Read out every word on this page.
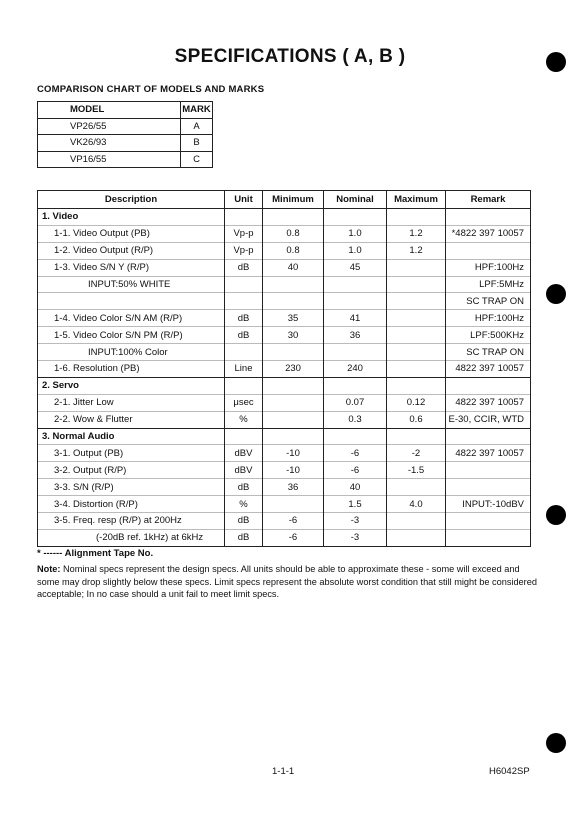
SPECIFICATIONS ( A, B )
COMPARISON CHART OF MODELS AND MARKS
MODEL	MARK
VP26/55	A
VK26/93	B
VP16/55	C
Description	Unit	Minimum	Nominal	Maximum	Remark
1. Video					
1-1. Video Output (PB)	Vp-p	0.8	1.0	1.2	*4822 397 10057
1-2. Video Output (R/P)	Vp-p	0.8	1.0	1.2	
1-3. Video S/N Y (R/P)	dB	40	45		HPF:100Hz
INPUT:50% WHITE					LPF:5MHz
					SC TRAP ON
1-4. Video Color S/N AM (R/P)	dB	35	41		HPF:100Hz
1-5. Video Color S/N PM (R/P)	dB	30	36		LPF:500KHz
INPUT:100% Color					SC TRAP ON
1-6. Resolution (PB)	Line	230	240		4822 397 10057
2. Servo					
2-1. Jitter Low	μsec		0.07	0.12	4822 397 10057
2-2. Wow & Flutter	%		0.3	0.6	E-30, CCIR, WTD
3. Normal Audio					
3-1. Output (PB)	dBV	-10	-6	-2	4822 397 10057
3-2. Output (R/P)	dBV	-10	-6	-1.5	
3-3. S/N (R/P)	dB	36	40		
3-4. Distortion (R/P)	%		1.5	4.0	INPUT:-10dBV
3-5. Freq. resp (R/P) at 200Hz	dB	-6	-3		
(-20dB ref. 1kHz) at 6kHz	dB	-6	-3		
* ------ Alignment Tape No.
Note: Nominal specs represent the design specs. All units should be able to approximate these - some will exceed and some may drop slightly below these specs. Limit specs represent the absolute worst condition that still might be considered acceptable; In no case should a unit fail to meet limit specs.
1-1-1	H6042SP
